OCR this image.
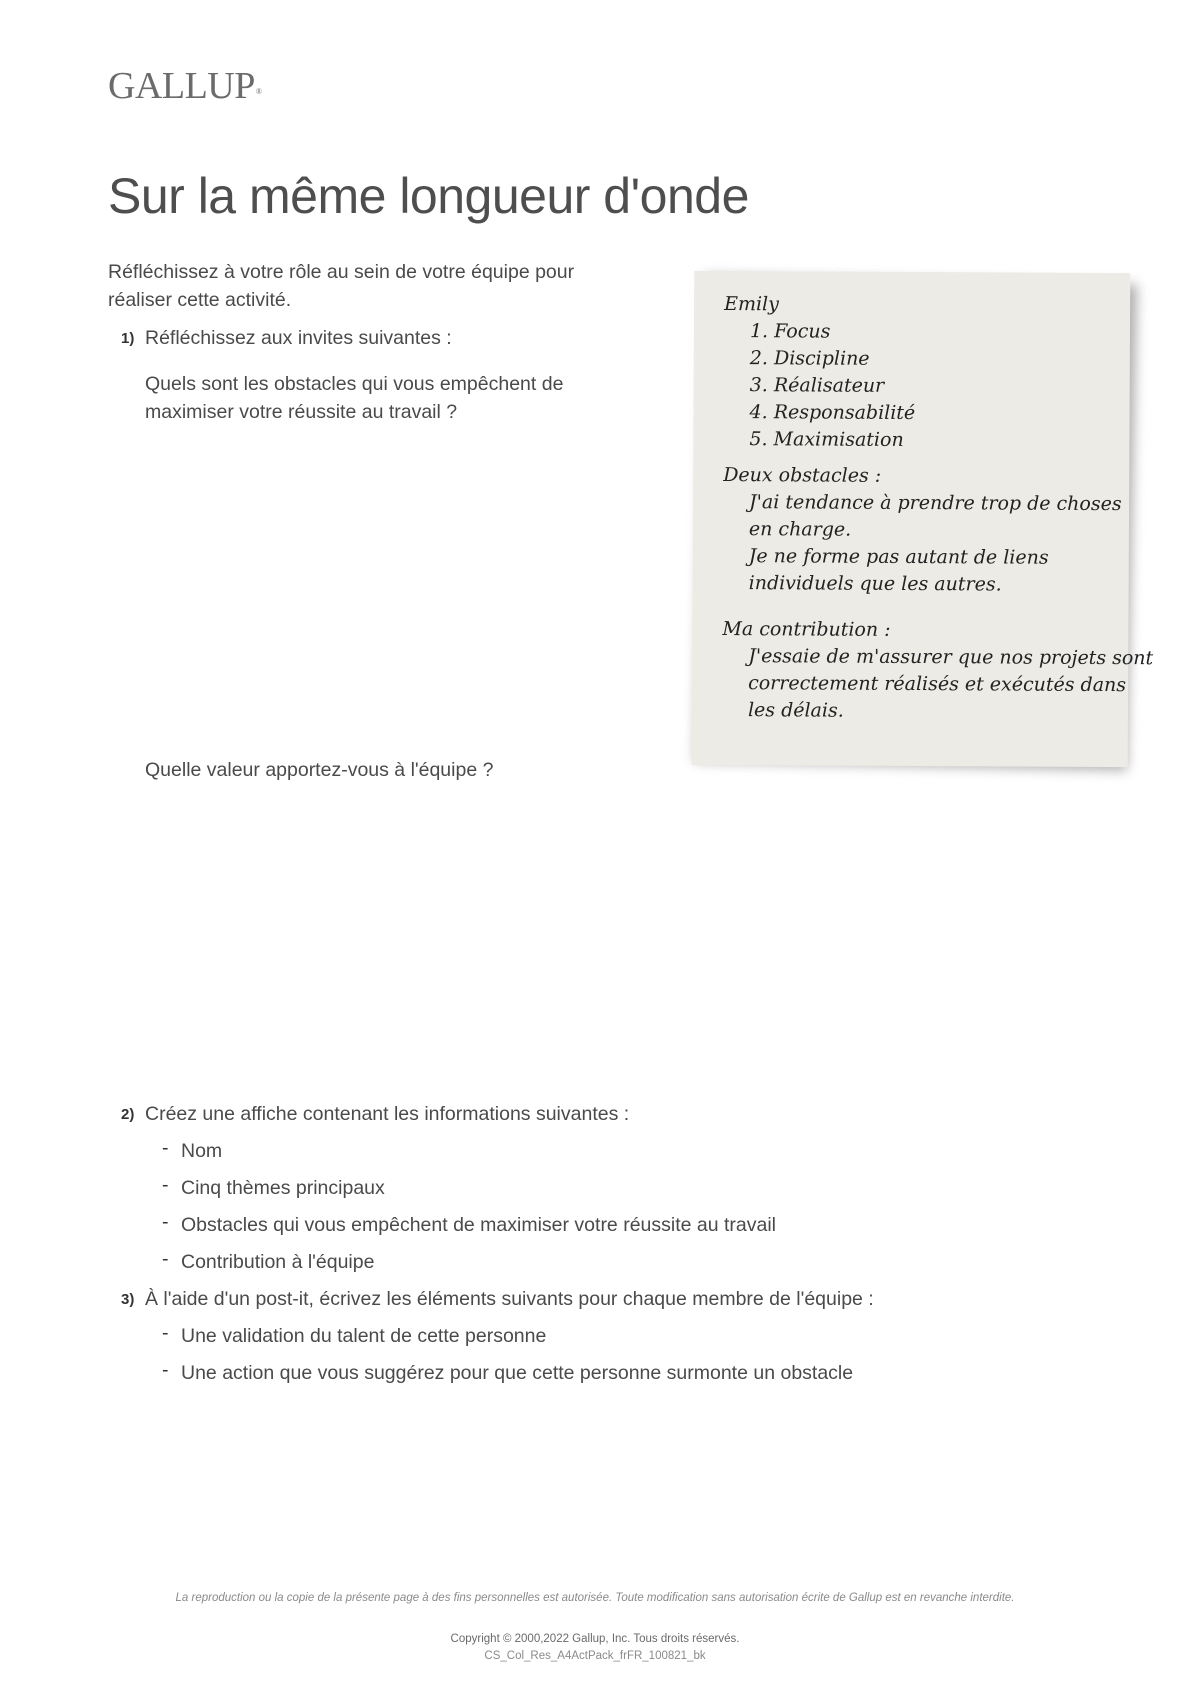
GALLUP®
Sur la même longueur d'onde
Réfléchissez à votre rôle au sein de votre équipe pour réaliser cette activité.
1) Réfléchissez aux invites suivantes :
Quels sont les obstacles qui vous empêchent de maximiser votre réussite au travail ?
Quelle valeur apportez-vous à l'équipe ?
Emily
1. Focus
2. Discipline
3. Réalisateur
4. Responsabilité
5. Maximisation
Deux obstacles :
J'ai tendance à prendre trop de choses
en charge.
Je ne forme pas autant de liens
individuels que les autres.
Ma contribution :
J'essaie de m'assurer que nos projets sont
correctement réalisés et exécutés dans
les délais.
2) Créez une affiche contenant les informations suivantes :
- Nom
- Cinq thèmes principaux
- Obstacles qui vous empêchent de maximiser votre réussite au travail
- Contribution à l'équipe
3) À l'aide d'un post-it, écrivez les éléments suivants pour chaque membre de l'équipe :
- Une validation du talent de cette personne
- Une action que vous suggérez pour que cette personne surmonte un obstacle
La reproduction ou la copie de la présente page à des fins personnelles est autorisée. Toute modification sans autorisation écrite de Gallup est en revanche interdite.
Copyright © 2000,2022 Gallup, Inc. Tous droits réservés.
CS_Col_Res_A4ActPack_frFR_100821_bk
